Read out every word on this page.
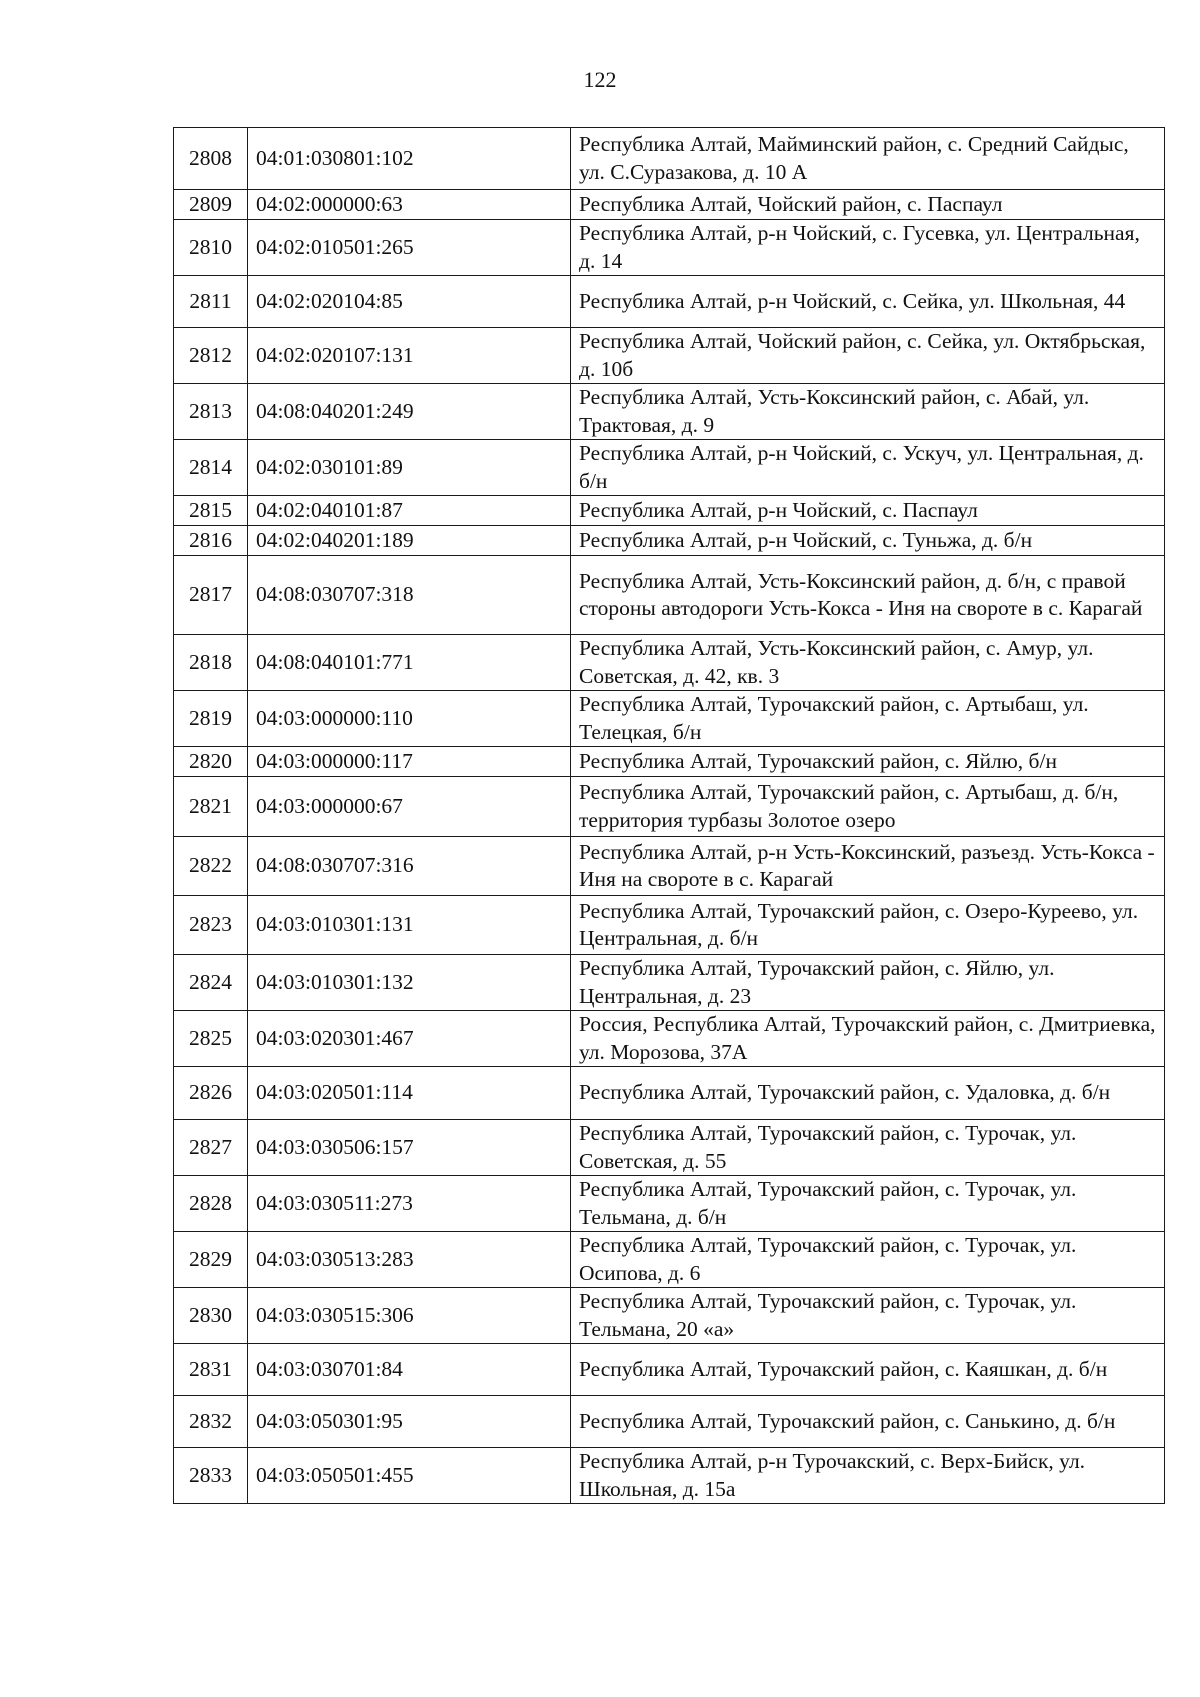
122
2808	04:01:030801:102	Республика Алтай, Майминский район, с. Средний Сайдыс, ул. С.Суразакова, д. 10 А
2809	04:02:000000:63	Республика Алтай, Чойский район, с. Паспаул
2810	04:02:010501:265	Республика Алтай, р-н Чойский, с. Гусевка, ул. Центральная, д. 14
2811	04:02:020104:85	Республика Алтай, р-н Чойский, с. Сейка, ул. Школьная, 44
2812	04:02:020107:131	Республика Алтай, Чойский район, с. Сейка, ул. Октябрьская, д. 10б
2813	04:08:040201:249	Республика Алтай, Усть-Коксинский район, с. Абай, ул. Трактовая, д. 9
2814	04:02:030101:89	Республика Алтай, р-н Чойский, с. Ускуч, ул. Центральная, д. б/н
2815	04:02:040101:87	Республика Алтай, р-н Чойский, с. Паспаул
2816	04:02:040201:189	Республика Алтай, р-н Чойский, с. Туньжа, д. б/н
2817	04:08:030707:318	Республика Алтай, Усть-Коксинский район, д. б/н, с правой стороны автодороги Усть-Кокса - Иня на свороте в с. Карагай
2818	04:08:040101:771	Республика Алтай, Усть-Коксинский район, с. Амур, ул. Советская, д. 42, кв. 3
2819	04:03:000000:110	Республика Алтай, Турочакский район, с. Артыбаш, ул. Телецкая, б/н
2820	04:03:000000:117	Республика Алтай, Турочакский район, с. Яйлю, б/н
2821	04:03:000000:67	Республика Алтай, Турочакский район, с. Артыбаш, д. б/н, территория турбазы Золотое озеро
2822	04:08:030707:316	Республика Алтай, р-н Усть-Коксинский, разъезд. Усть-Кокса - Иня на свороте в с. Карагай
2823	04:03:010301:131	Республика Алтай, Турочакский район, с. Озеро-Куреево, ул. Центральная, д. б/н
2824	04:03:010301:132	Республика Алтай, Турочакский район, с. Яйлю, ул. Центральная, д. 23
2825	04:03:020301:467	Россия, Республика Алтай, Турочакский район, с. Дмитриевка, ул. Морозова, 37А
2826	04:03:020501:114	Республика Алтай, Турочакский район, с. Удаловка, д. б/н
2827	04:03:030506:157	Республика Алтай, Турочакский район, с. Турочак, ул. Советская, д. 55
2828	04:03:030511:273	Республика Алтай, Турочакский район, с. Турочак, ул. Тельмана, д. б/н
2829	04:03:030513:283	Республика Алтай, Турочакский район, с. Турочак, ул. Осипова, д. 6
2830	04:03:030515:306	Республика Алтай, Турочакский район, с. Турочак, ул. Тельмана, 20 «а»
2831	04:03:030701:84	Республика Алтай, Турочакский район, с. Каяшкан, д. б/н
2832	04:03:050301:95	Республика Алтай, Турочакский район, с. Санькино, д. б/н
2833	04:03:050501:455	Республика Алтай, р-н Турочакский, с. Верх-Бийск, ул. Школьная, д. 15а
